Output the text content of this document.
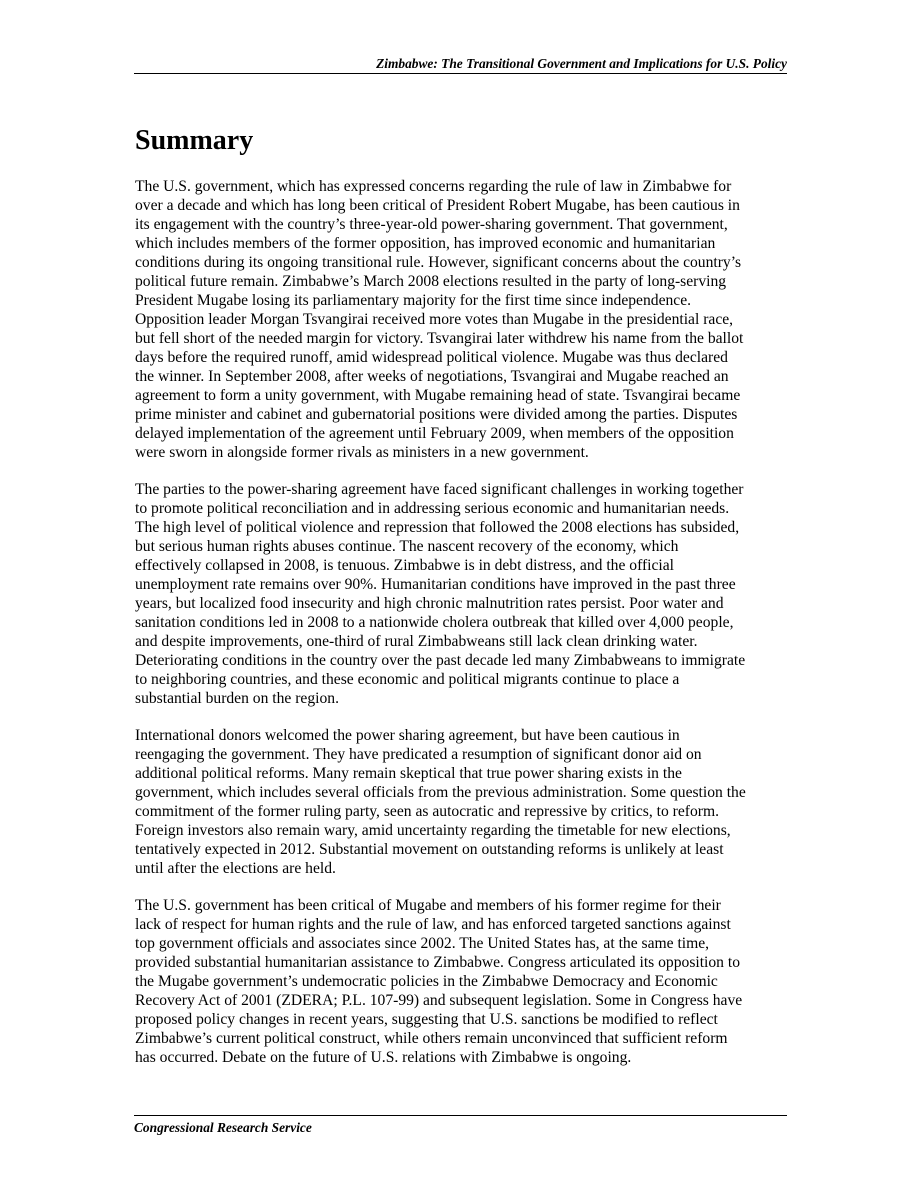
Zimbabwe: The Transitional Government and Implications for U.S. Policy
Summary

The U.S. government, which has expressed concerns regarding the rule of law in Zimbabwe for
over a decade and which has long been critical of President Robert Mugabe, has been cautious in
its engagement with the country’s three-year-old power-sharing government. That government,
which includes members of the former opposition, has improved economic and humanitarian
conditions during its ongoing transitional rule. However, significant concerns about the country’s
political future remain. Zimbabwe’s March 2008 elections resulted in the party of long-serving
President Mugabe losing its parliamentary majority for the first time since independence.
Opposition leader Morgan Tsvangirai received more votes than Mugabe in the presidential race,
but fell short of the needed margin for victory. Tsvangirai later withdrew his name from the ballot
days before the required runoff, amid widespread political violence. Mugabe was thus declared
the winner. In September 2008, after weeks of negotiations, Tsvangirai and Mugabe reached an
agreement to form a unity government, with Mugabe remaining head of state. Tsvangirai became
prime minister and cabinet and gubernatorial positions were divided among the parties. Disputes
delayed implementation of the agreement until February 2009, when members of the opposition
were sworn in alongside former rivals as ministers in a new government.

The parties to the power-sharing agreement have faced significant challenges in working together
to promote political reconciliation and in addressing serious economic and humanitarian needs.
The high level of political violence and repression that followed the 2008 elections has subsided,
but serious human rights abuses continue. The nascent recovery of the economy, which
effectively collapsed in 2008, is tenuous. Zimbabwe is in debt distress, and the official
unemployment rate remains over 90%. Humanitarian conditions have improved in the past three
years, but localized food insecurity and high chronic malnutrition rates persist. Poor water and
sanitation conditions led in 2008 to a nationwide cholera outbreak that killed over 4,000 people,
and despite improvements, one-third of rural Zimbabweans still lack clean drinking water.
Deteriorating conditions in the country over the past decade led many Zimbabweans to immigrate
to neighboring countries, and these economic and political migrants continue to place a
substantial burden on the region.

International donors welcomed the power sharing agreement, but have been cautious in
reengaging the government. They have predicated a resumption of significant donor aid on
additional political reforms. Many remain skeptical that true power sharing exists in the
government, which includes several officials from the previous administration. Some question the
commitment of the former ruling party, seen as autocratic and repressive by critics, to reform.
Foreign investors also remain wary, amid uncertainty regarding the timetable for new elections,
tentatively expected in 2012. Substantial movement on outstanding reforms is unlikely at least
until after the elections are held.

The U.S. government has been critical of Mugabe and members of his former regime for their
lack of respect for human rights and the rule of law, and has enforced targeted sanctions against
top government officials and associates since 2002. The United States has, at the same time,
provided substantial humanitarian assistance to Zimbabwe. Congress articulated its opposition to
the Mugabe government’s undemocratic policies in the Zimbabwe Democracy and Economic
Recovery Act of 2001 (ZDERA; P.L. 107-99) and subsequent legislation. Some in Congress have
proposed policy changes in recent years, suggesting that U.S. sanctions be modified to reflect
Zimbabwe’s current political construct, while others remain unconvinced that sufficient reform
has occurred. Debate on the future of U.S. relations with Zimbabwe is ongoing.

Congressional Research Service
